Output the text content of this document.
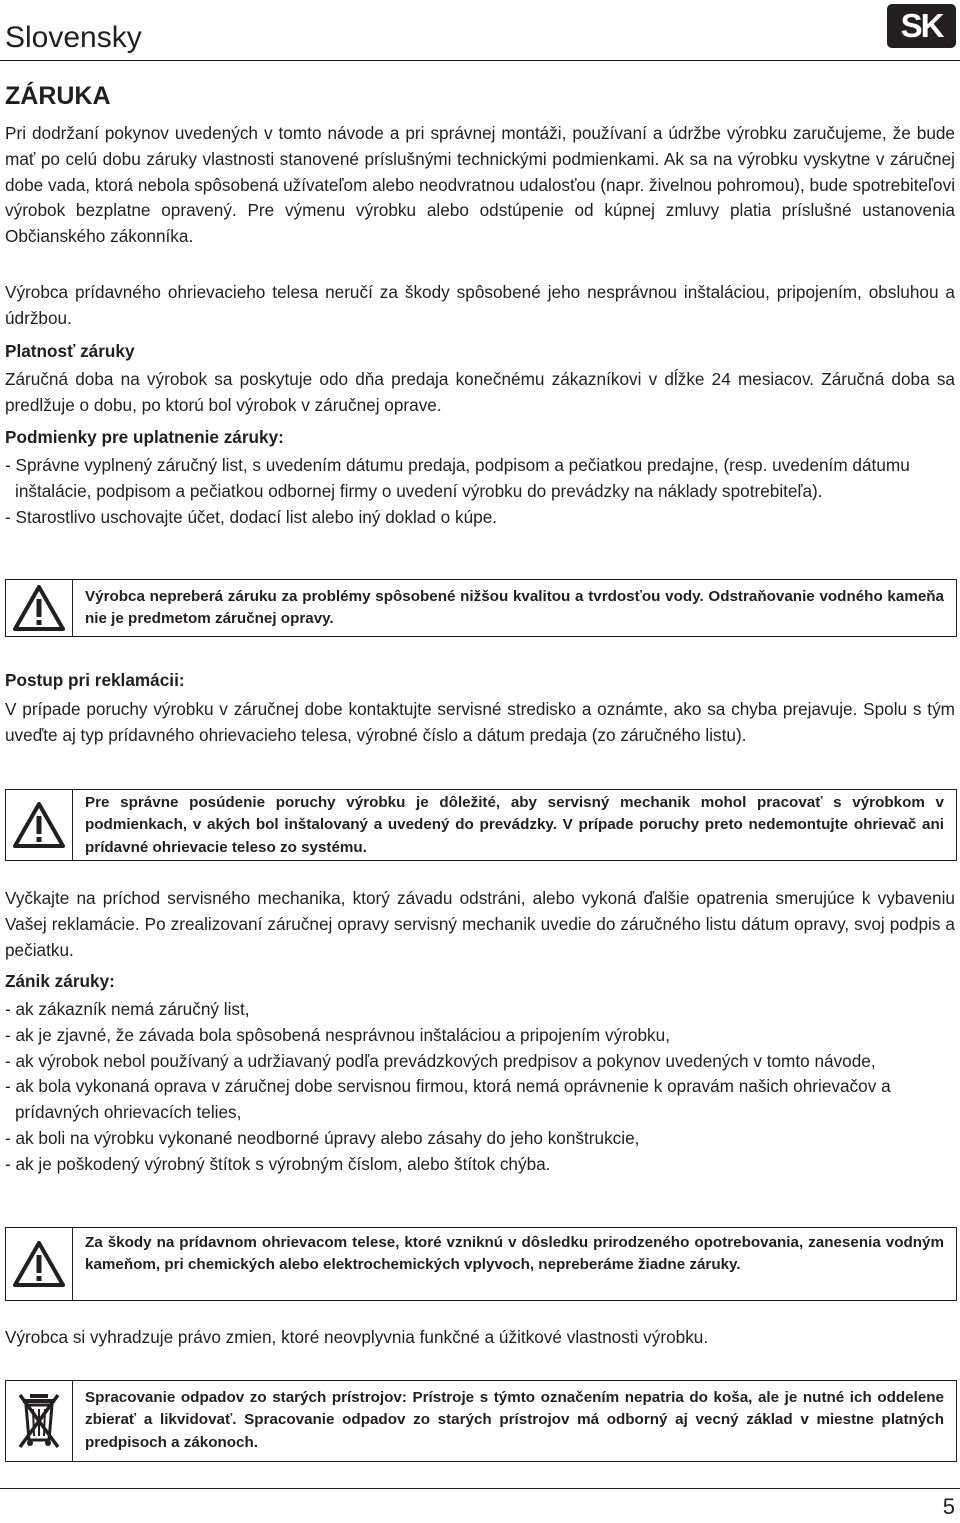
Slovensky	SK
ZÁRUKA

Pri dodržaní pokynov uvedených v tomto návode a pri správnej montáži, používaní a údržbe výrobku zaručujeme, že bude mať po celú dobu záruky vlastnosti stanovené príslušnými technickými podmienkami. Ak sa na výrobku vyskytne v záručnej dobe vada, ktorá nebola spôsobená užívateľom alebo neodvratnou udalosťou (napr. živelnou pohromou), bude spotrebiteľovi výrobok bezplatne opravený. Pre výmenu výrobku alebo odstúpenie od kúpnej zmluvy platia príslušné ustanovenia Občianského zákonníka.

Výrobca prídavného ohrievacieho telesa neručí za škody spôsobené jeho nesprávnou inštaláciou, pripojením, obsluhou a údržbou.

Platnosť záruky

Záručná doba na výrobok sa poskytuje odo dňa predaja konečnému zákazníkovi v dĺžke 24 mesiacov. Záručná doba sa predlžuje o dobu, po ktorú bol výrobok v záručnej oprave.

Podmienky pre uplatnenie záruky:

- Správne vyplnený záručný list, s uvedením dátumu predaja, podpisom a pečiatkou predajne, (resp. uvedením dátumu inštalácie, podpisom a pečiatkou odbornej firmy o uvedení výrobku do prevádzky na náklady spotrebiteľa).
- Starostlivo uschovajte účet, dodací list alebo iný doklad o kúpe.
Výrobca nepreberá záruku za problémy spôsobené nižšou kvalitou a tvrdosťou vody. Odstraňovanie vodného kameňa nie je predmetom záručnej opravy.

Postup pri reklamácii:

V prípade poruchy výrobku v záručnej dobe kontaktujte servisné stredisko a oznámte, ako sa chyba prejavuje. Spolu s tým uveďte aj typ prídavného ohrievacieho telesa, výrobné číslo a dátum predaja (zo záručného listu).

Pre správne posúdenie poruchy výrobku je dôležité, aby servisný mechanik mohol pracovať s výrobkom v podmienkach, v akých bol inštalovaný a uvedený do prevádzky. V prípade poruchy preto nedemontujte ohrievač ani prídavné ohrievacie teleso zo systému.

Vyčkajte na príchod servisného mechanika, ktorý závadu odstráni, alebo vykoná ďalšie opatrenia smerujúce k vybaveniu Vašej reklamácie. Po zrealizovaní záručnej opravy servisný mechanik uvedie do záručného listu dátum opravy, svoj podpis a pečiatku.

Zánik záruky:

- ak zákazník nemá záručný list,
- ak je zjavné, že závada bola spôsobená nesprávnou inštaláciou a pripojením výrobku,
- ak výrobok nebol používaný a udržiavaný podľa prevádzkových predpisov a pokynov uvedených v tomto návode,
- ak bola vykonaná oprava v záručnej dobe servisnou firmou, ktorá nemá oprávnenie k opravám našich ohrievačov a prídavných ohrievacích telies,
- ak boli na výrobku vykonané neodborné úpravy alebo zásahy do jeho konštrukcie,
- ak je poškodený výrobný štítok s výrobným číslom, alebo štítok chýba.
Za škody na prídavnom ohrievacom telese, ktoré vzniknú v dôsledku prirodzeného opotrebovania, zanesenia vodným kameňom, pri chemických alebo elektrochemických vplyvoch, nepreberáme žiadne záruky.

Výrobca si vyhradzuje právo zmien, ktoré neovplyvnia funkčné a úžitkové vlastnosti výrobku.

Spracovanie odpadov zo starých prístrojov: Prístroje s týmto označením nepatria do koša, ale je nutné ich oddelene zbierať a likvidovať. Spracovanie odpadov zo starých prístrojov má odborný aj vecný základ v miestne platných predpisoch a zákonoch.
5
